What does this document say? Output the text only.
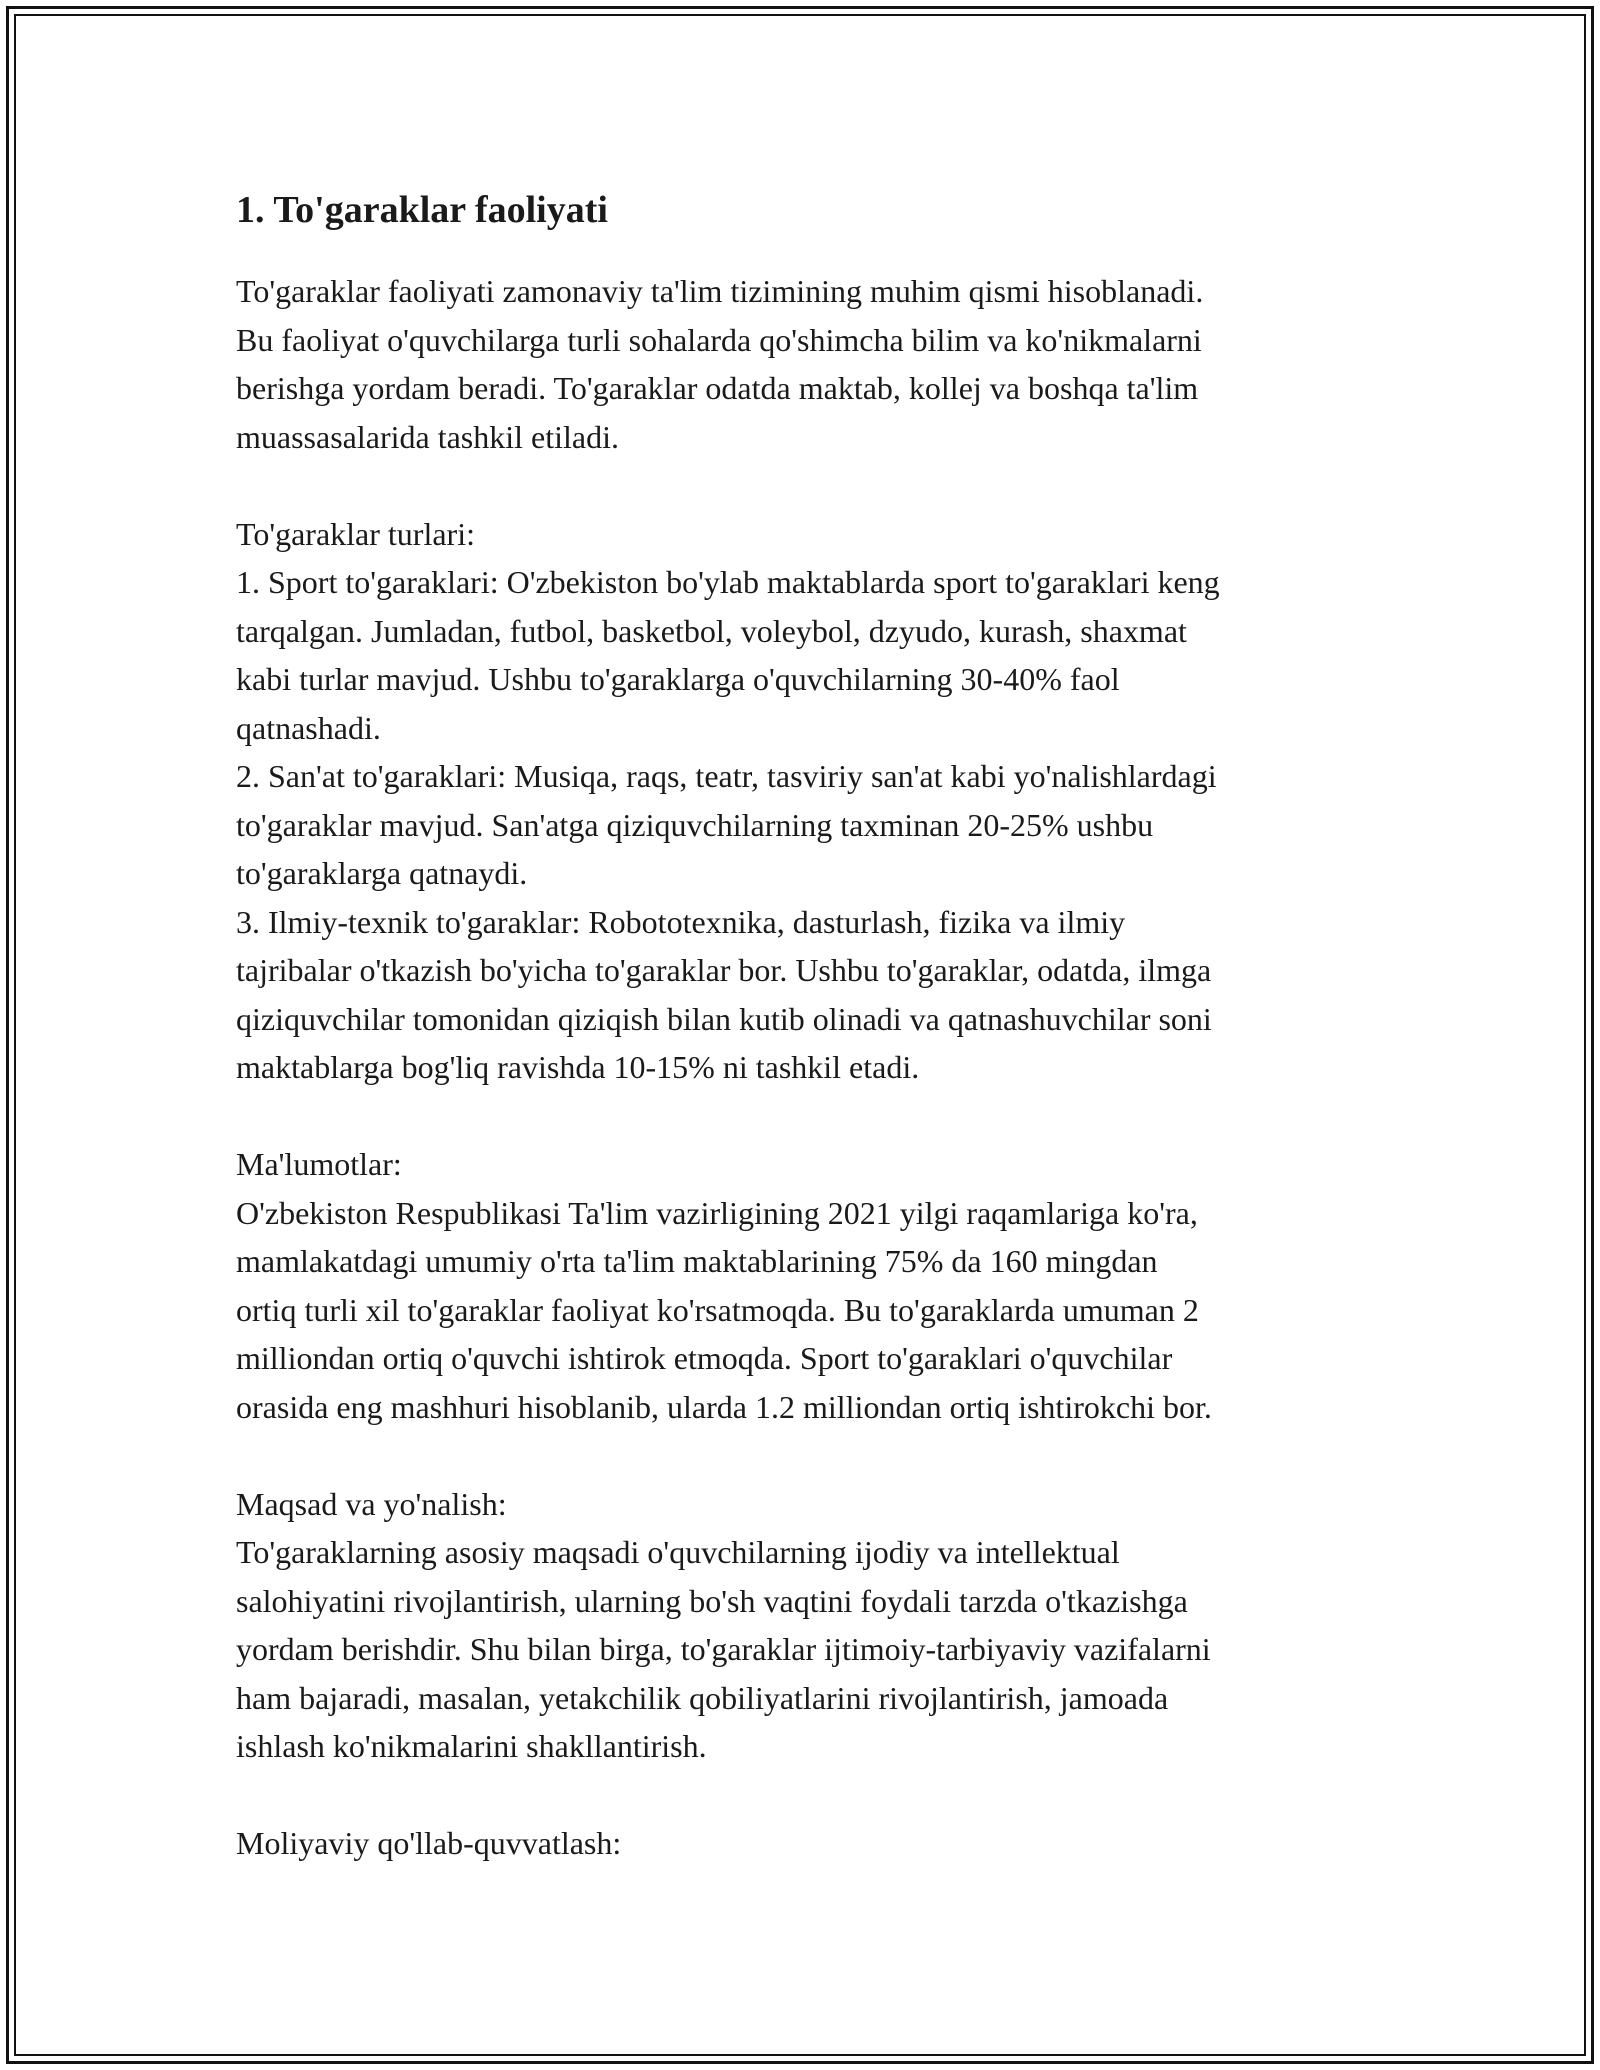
1. To'garaklar faoliyati

To'garaklar faoliyati zamonaviy ta'lim tizimining muhim qismi hisoblanadi.
Bu faoliyat o'quvchilarga turli sohalarda qo'shimcha bilim va ko'nikmalarni
berishga yordam beradi. To'garaklar odatda maktab, kollej va boshqa ta'lim
muassasalarida tashkil etiladi.

To'garaklar turlari:
1. Sport to'garaklari: O'zbekiston bo'ylab maktablarda sport to'garaklari keng
tarqalgan. Jumladan, futbol, basketbol, voleybol, dzyudo, kurash, shaxmat
kabi turlar mavjud. Ushbu to'garaklarga o'quvchilarning 30-40% faol
qatnashadi.
2. San'at to'garaklari: Musiqa, raqs, teatr, tasviriy san'at kabi yo'nalishlardagi
to'garaklar mavjud. San'atga qiziquvchilarning taxminan 20-25% ushbu
to'garaklarga qatnaydi.
3. Ilmiy-texnik to'garaklar: Robototexnika, dasturlash, fizika va ilmiy
tajribalar o'tkazish bo'yicha to'garaklar bor. Ushbu to'garaklar, odatda, ilmga
qiziquvchilar tomonidan qiziqish bilan kutib olinadi va qatnashuvchilar soni
maktablarga bog'liq ravishda 10-15% ni tashkil etadi.

Ma'lumotlar:
O'zbekiston Respublikasi Ta'lim vazirligining 2021 yilgi raqamlariga ko'ra,
mamlakatdagi umumiy o'rta ta'lim maktablarining 75% da 160 mingdan
ortiq turli xil to'garaklar faoliyat ko'rsatmoqda. Bu to'garaklarda umuman 2
milliondan ortiq o'quvchi ishtirok etmoqda. Sport to'garaklari o'quvchilar
orasida eng mashhuri hisoblanib, ularda 1.2 milliondan ortiq ishtirokchi bor.

Maqsad va yo'nalish:
To'garaklarning asosiy maqsadi o'quvchilarning ijodiy va intellektual
salohiyatini rivojlantirish, ularning bo'sh vaqtini foydali tarzda o'tkazishga
yordam berishdir. Shu bilan birga, to'garaklar ijtimoiy-tarbiyaviy vazifalarni
ham bajaradi, masalan, yetakchilik qobiliyatlarini rivojlantirish, jamoada
ishlash ko'nikmalarini shakllantirish.

Moliyaviy qo'llab-quvvatlash:
